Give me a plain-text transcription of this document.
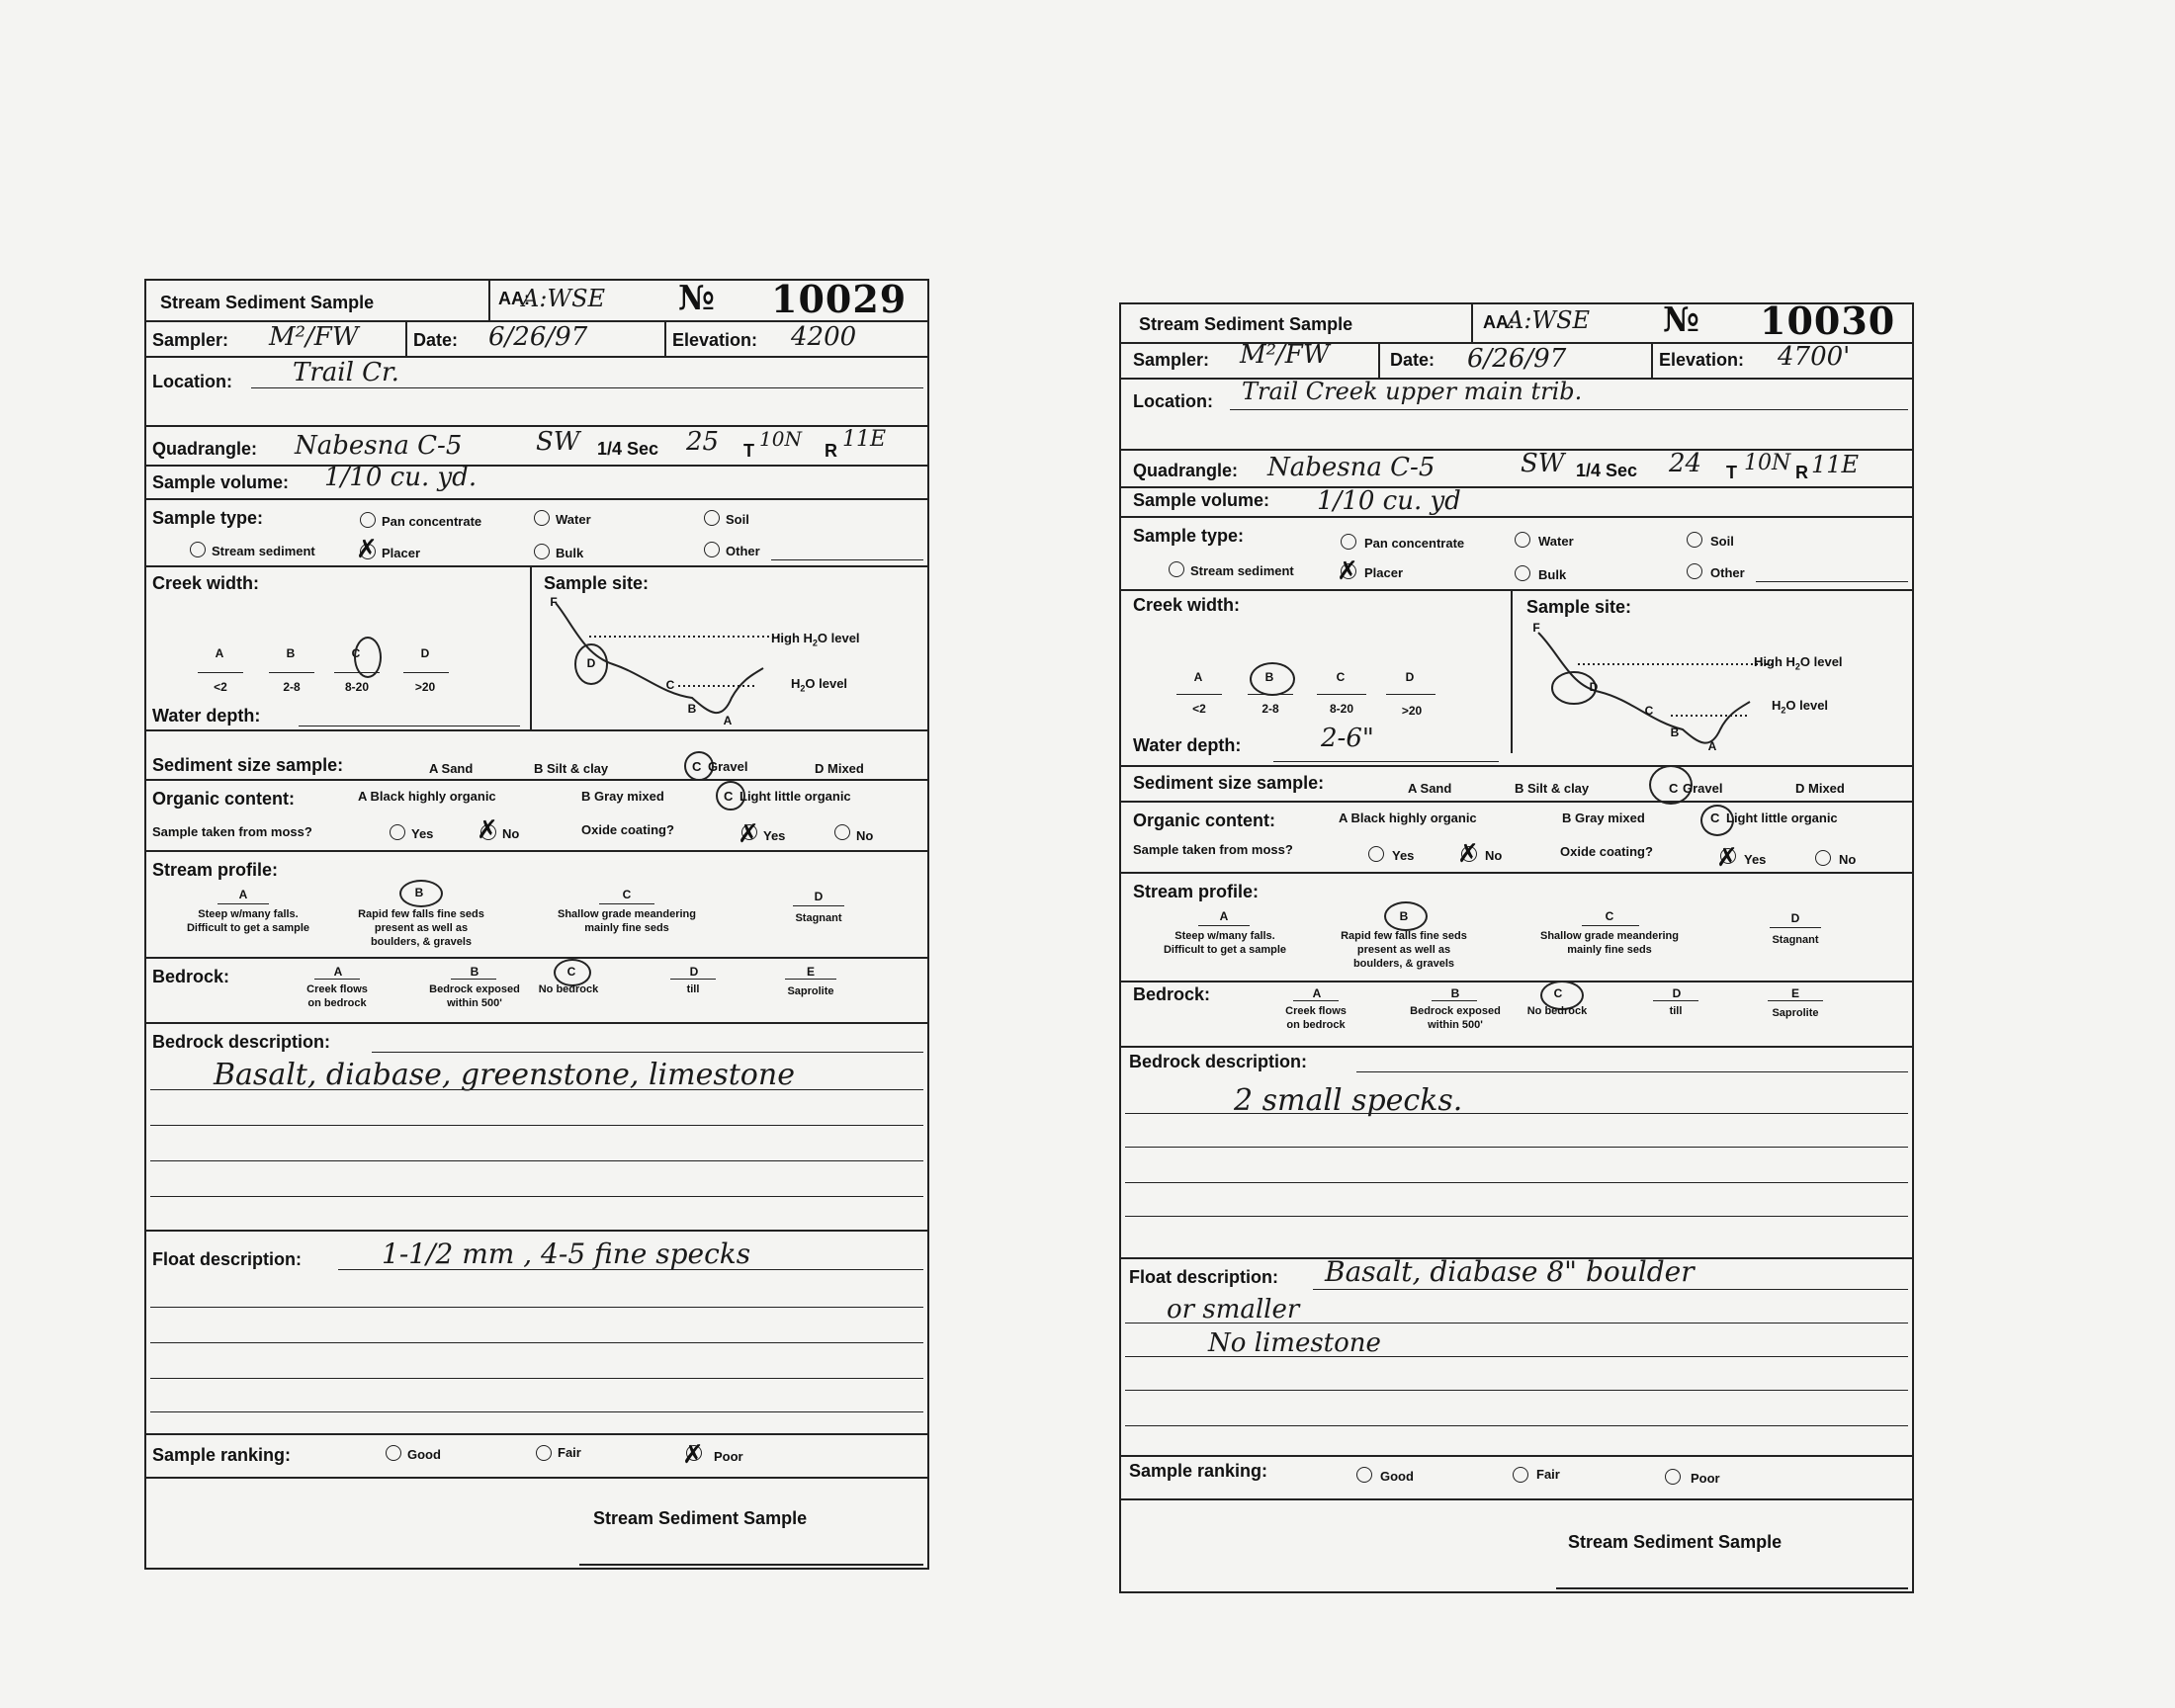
Stream Sediment Sample	AA:
A:WSE № 10029
Sampler: M²/FW	Date: 6/26/97	Elevation: 4200
Location: Trail Cr.
Quadrangle: Nabesna C-5	SW 1/4 Sec 25 T 10N R 11E
Sample volume: 1/10 cu. yd.
Sample type:	Pan concentrate	Water	Soil
Stream sediment ✗ Placer	Bulk	Other
Creek width:
A	B	C	D
<2	2-8	8-20	>20
Water depth:
Sample site:
F
D
C
B
A
High $H_2O$ level
$H_2O$ level
Sediment size sample:	A Sand	B Silt & clay	C Gravel	D Mixed
Organic content:	A Black highly organic	B Gray mixed	C Light little organic
Sample taken from moss?	Yes ✗ No	Oxide coating? ✗ Yes	No
Stream profile:
A
Steep w/many falls.
Difficult to get a sample
B
Rapid few falls fine seds
present as well as
boulders, & gravels
C
Shallow grade meandering
mainly fine seds
D
Stagnant
Bedrock:	A
Creek flows
on bedrock
B
Bedrock exposed
within 500'
C
No bedrock
D
till
E
Saprolite
Bedrock description:
Basalt, diabase, greenstone, limestone
Float description:	1-1/2 mm , 4-5 fine specks
Sample ranking:	Good	Fair	✗ Poor
Stream Sediment Sample
Stream Sediment Sample	AA:
A:WSE № 10030
Sampler: M²/FW	Date: 6/26/97	Elevation: 4700'
Location: Trail Creek upper main trib.
Quadrangle: Nabesna C-5	SW 1/4 Sec 24 T 10N R 11E
Sample volume: 1/10 cu. yd
Sample type:	Pan concentrate	Water	Soil
Stream sediment ✗ Placer	Bulk	Other
Creek width:
A	B	C	D
<2	2-8	8-20	>20
Water depth:	2-6"
Sample site:
F
D
C
B
A
High $H_2O$ level
$H_2O$ level
Sediment size sample:	A Sand	B Silt & clay	C Gravel	D Mixed
Organic content:	A Black highly organic	B Gray mixed	C Light little organic
Sample taken from moss?	Yes ✗ No	Oxide coating? ✗ Yes	No
Stream profile:
A
Steep w/many falls.
Difficult to get a sample
B
Rapid few falls fine seds
present as well as
boulders, & gravels
C
Shallow grade meandering
mainly fine seds
D
Stagnant
Bedrock:	A
Creek flows
on bedrock
B
Bedrock exposed
within 500'
C
No bedrock
D
till
E
Saprolite
Bedrock description:
2 small specks.
Float description: Basalt, diabase 8" boulder
or smaller
No limestone
Sample ranking:	Good	Fair	Poor
Stream Sediment Sample
